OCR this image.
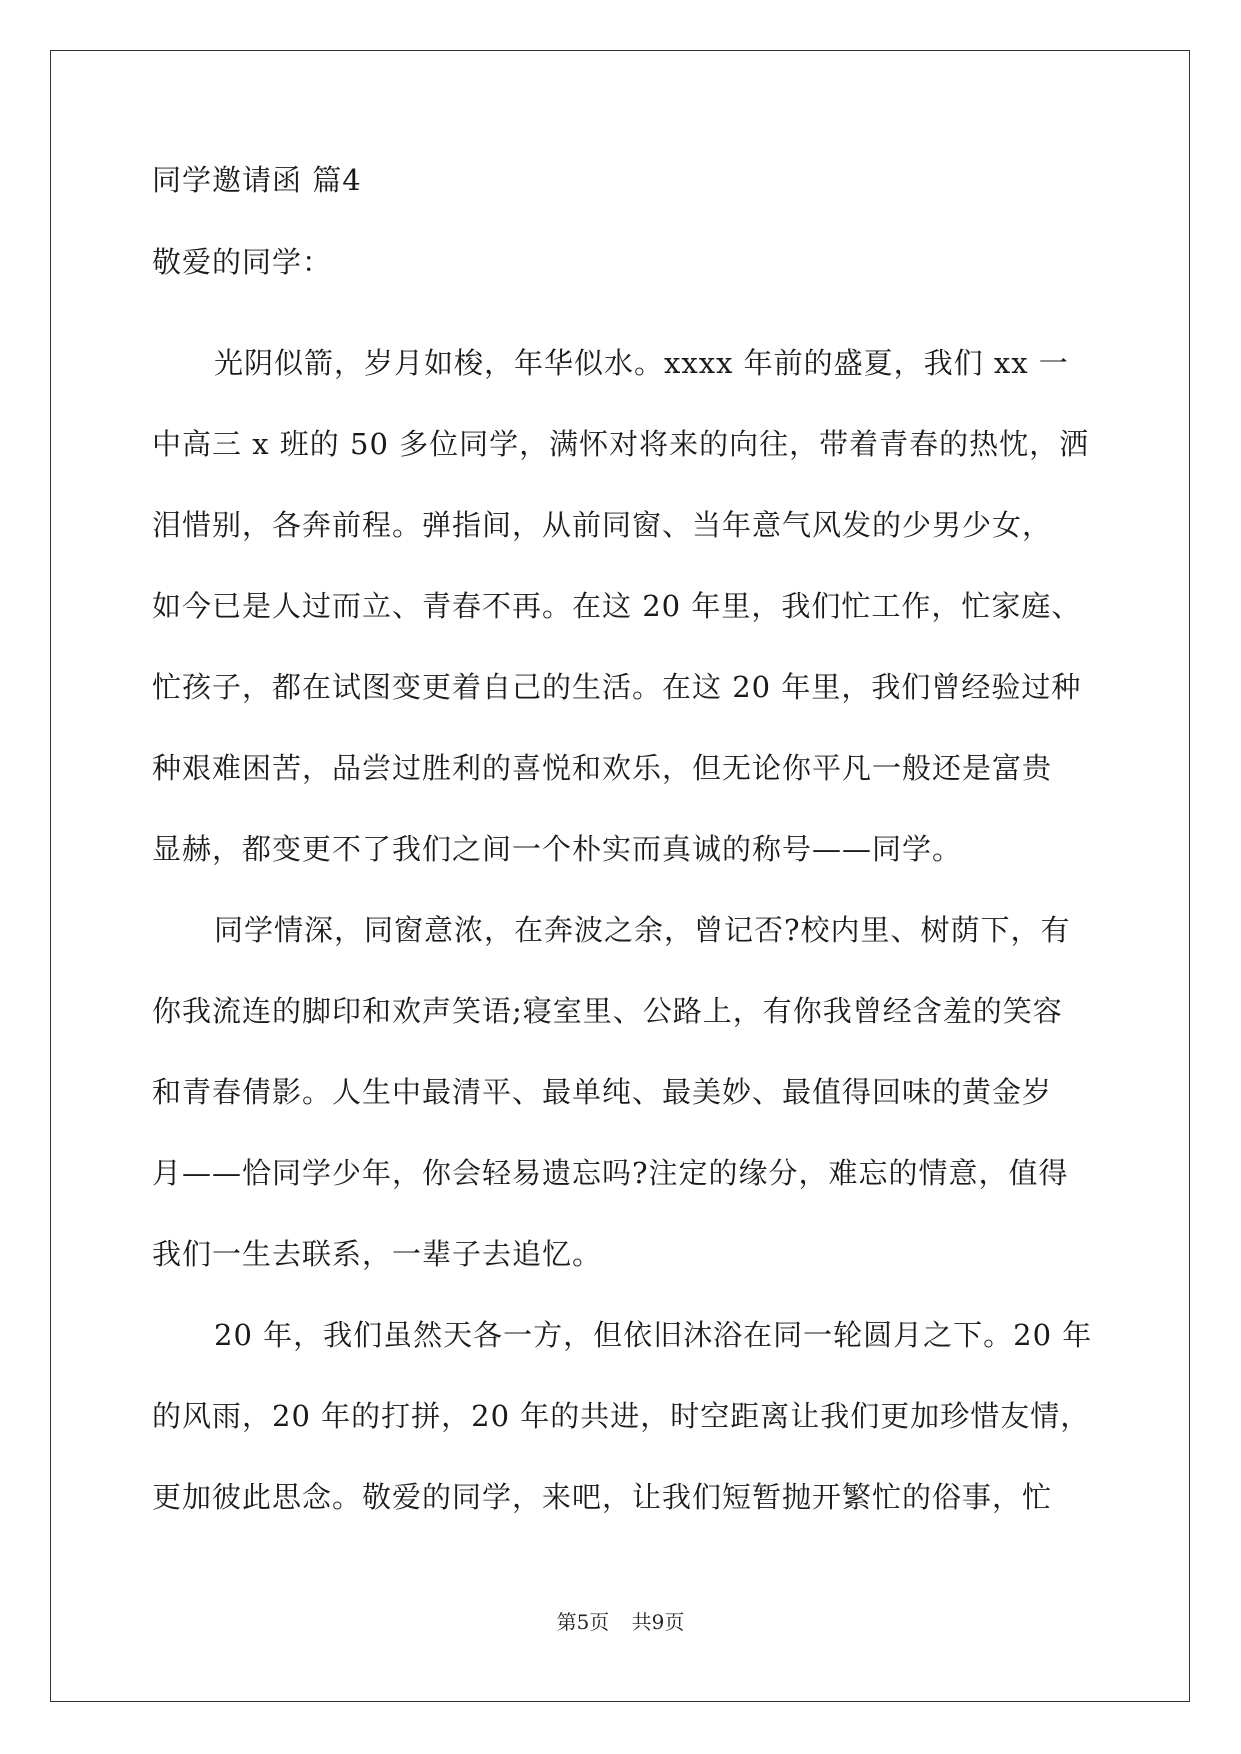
同学邀请函 篇4
敬爱的同学：
光阴似箭，岁月如梭，年华似水。xxxx 年前的盛夏，我们 xx 一
中高三 x 班的 50 多位同学，满怀对将来的向往，带着青春的热忱，洒
泪惜别，各奔前程。弹指间，从前同窗、当年意气风发的少男少女，
如今已是人过而立、青春不再。在这 20 年里，我们忙工作，忙家庭、
忙孩子，都在试图变更着自己的生活。在这 20 年里，我们曾经验过种
种艰难困苦，品尝过胜利的喜悦和欢乐，但无论你平凡一般还是富贵
显赫，都变更不了我们之间一个朴实而真诚的称号——同学。
同学情深，同窗意浓，在奔波之余，曾记否?校内里、树荫下，有
你我流连的脚印和欢声笑语;寝室里、公路上，有你我曾经含羞的笑容
和青春倩影。人生中最清平、最单纯、最美妙、最值得回味的黄金岁
月——恰同学少年，你会轻易遗忘吗?注定的缘分，难忘的情意，值得
我们一生去联系，一辈子去追忆。
20 年，我们虽然天各一方，但依旧沐浴在同一轮圆月之下。20 年
的风雨，20 年的打拼，20 年的共进，时空距离让我们更加珍惜友情，
更加彼此思念。敬爱的同学，来吧，让我们短暂抛开繁忙的俗事，忙
第5页 共9页
